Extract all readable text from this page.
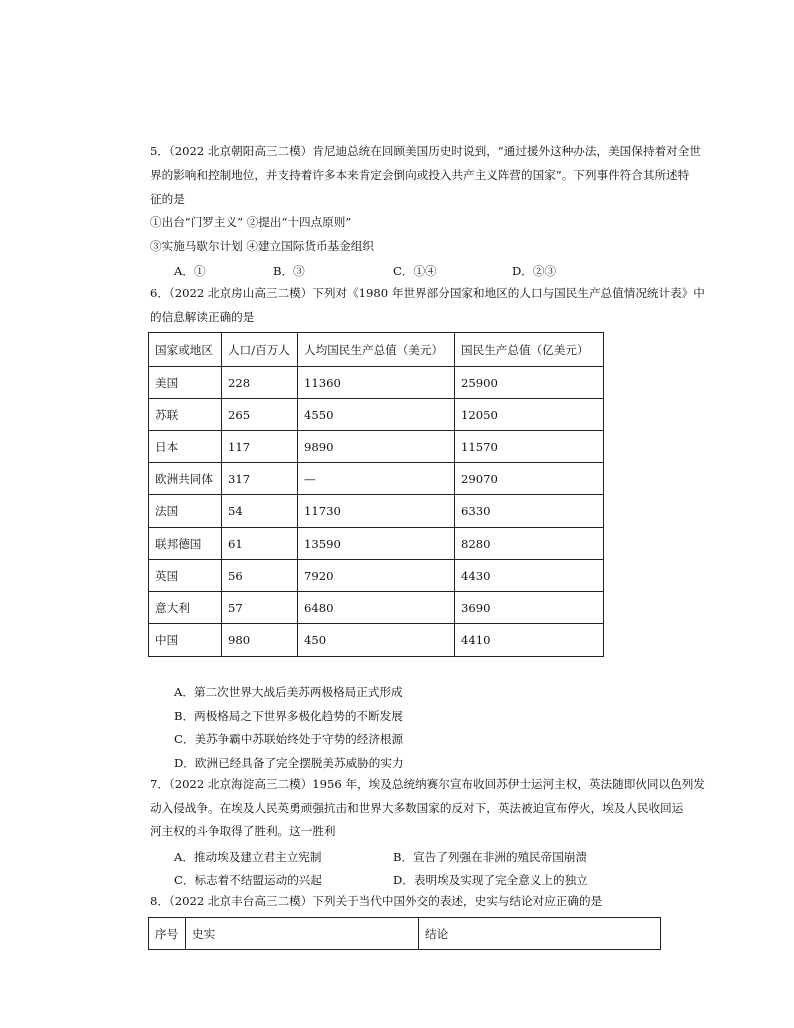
5．（2022 北京朝阳高三二模）肯尼迪总统在回顾美国历史时说到，“通过援外这种办法，美国保持着对全世
界的影响和控制地位，并支持着许多本来肯定会倒向或投入共产主义阵营的国家”。下列事件符合其所述特
征的是
①出台“门罗主义” ②提出“十四点原则”
③实施马歇尔计划 ④建立国际货币基金组织
A．①	B．③	C．①④	D．②③
6．（2022 北京房山高三二模）下列对《1980 年世界部分国家和地区的人口与国民生产总值情况统计表》中
的信息解读正确的是
国家或地区	人口/百万人	人均国民生产总值（美元）	国民生产总值（亿美元）
美国	228	11360	25900
苏联	265	4550	12050
日本	117	9890	11570
欧洲共同体	317	—	29070
法国	54	11730	6330
联邦德国	61	13590	8280
英国	56	7920	4430
意大利	57	6480	3690
中国	980	450	4410
A．第二次世界大战后美苏两极格局正式形成
B．两极格局之下世界多极化趋势的不断发展
C．美苏争霸中苏联始终处于守势的经济根源
D．欧洲已经具备了完全摆脱美苏威胁的实力
7．（2022 北京海淀高三二模）1956 年，埃及总统纳赛尔宣布收回苏伊士运河主权，英法随即伙同以色列发
动入侵战争。在埃及人民英勇顽强抗击和世界大多数国家的反对下，英法被迫宣布停火，埃及人民收回运
河主权的斗争取得了胜利。这一胜利
A．推动埃及建立君主立宪制	B．宣告了列强在非洲的殖民帝国崩溃
C．标志着不结盟运动的兴起	D．表明埃及实现了完全意义上的独立
8．（2022 北京丰台高三二模）下列关于当代中国外交的表述，史实与结论对应正确的是
序号	史实	结论
